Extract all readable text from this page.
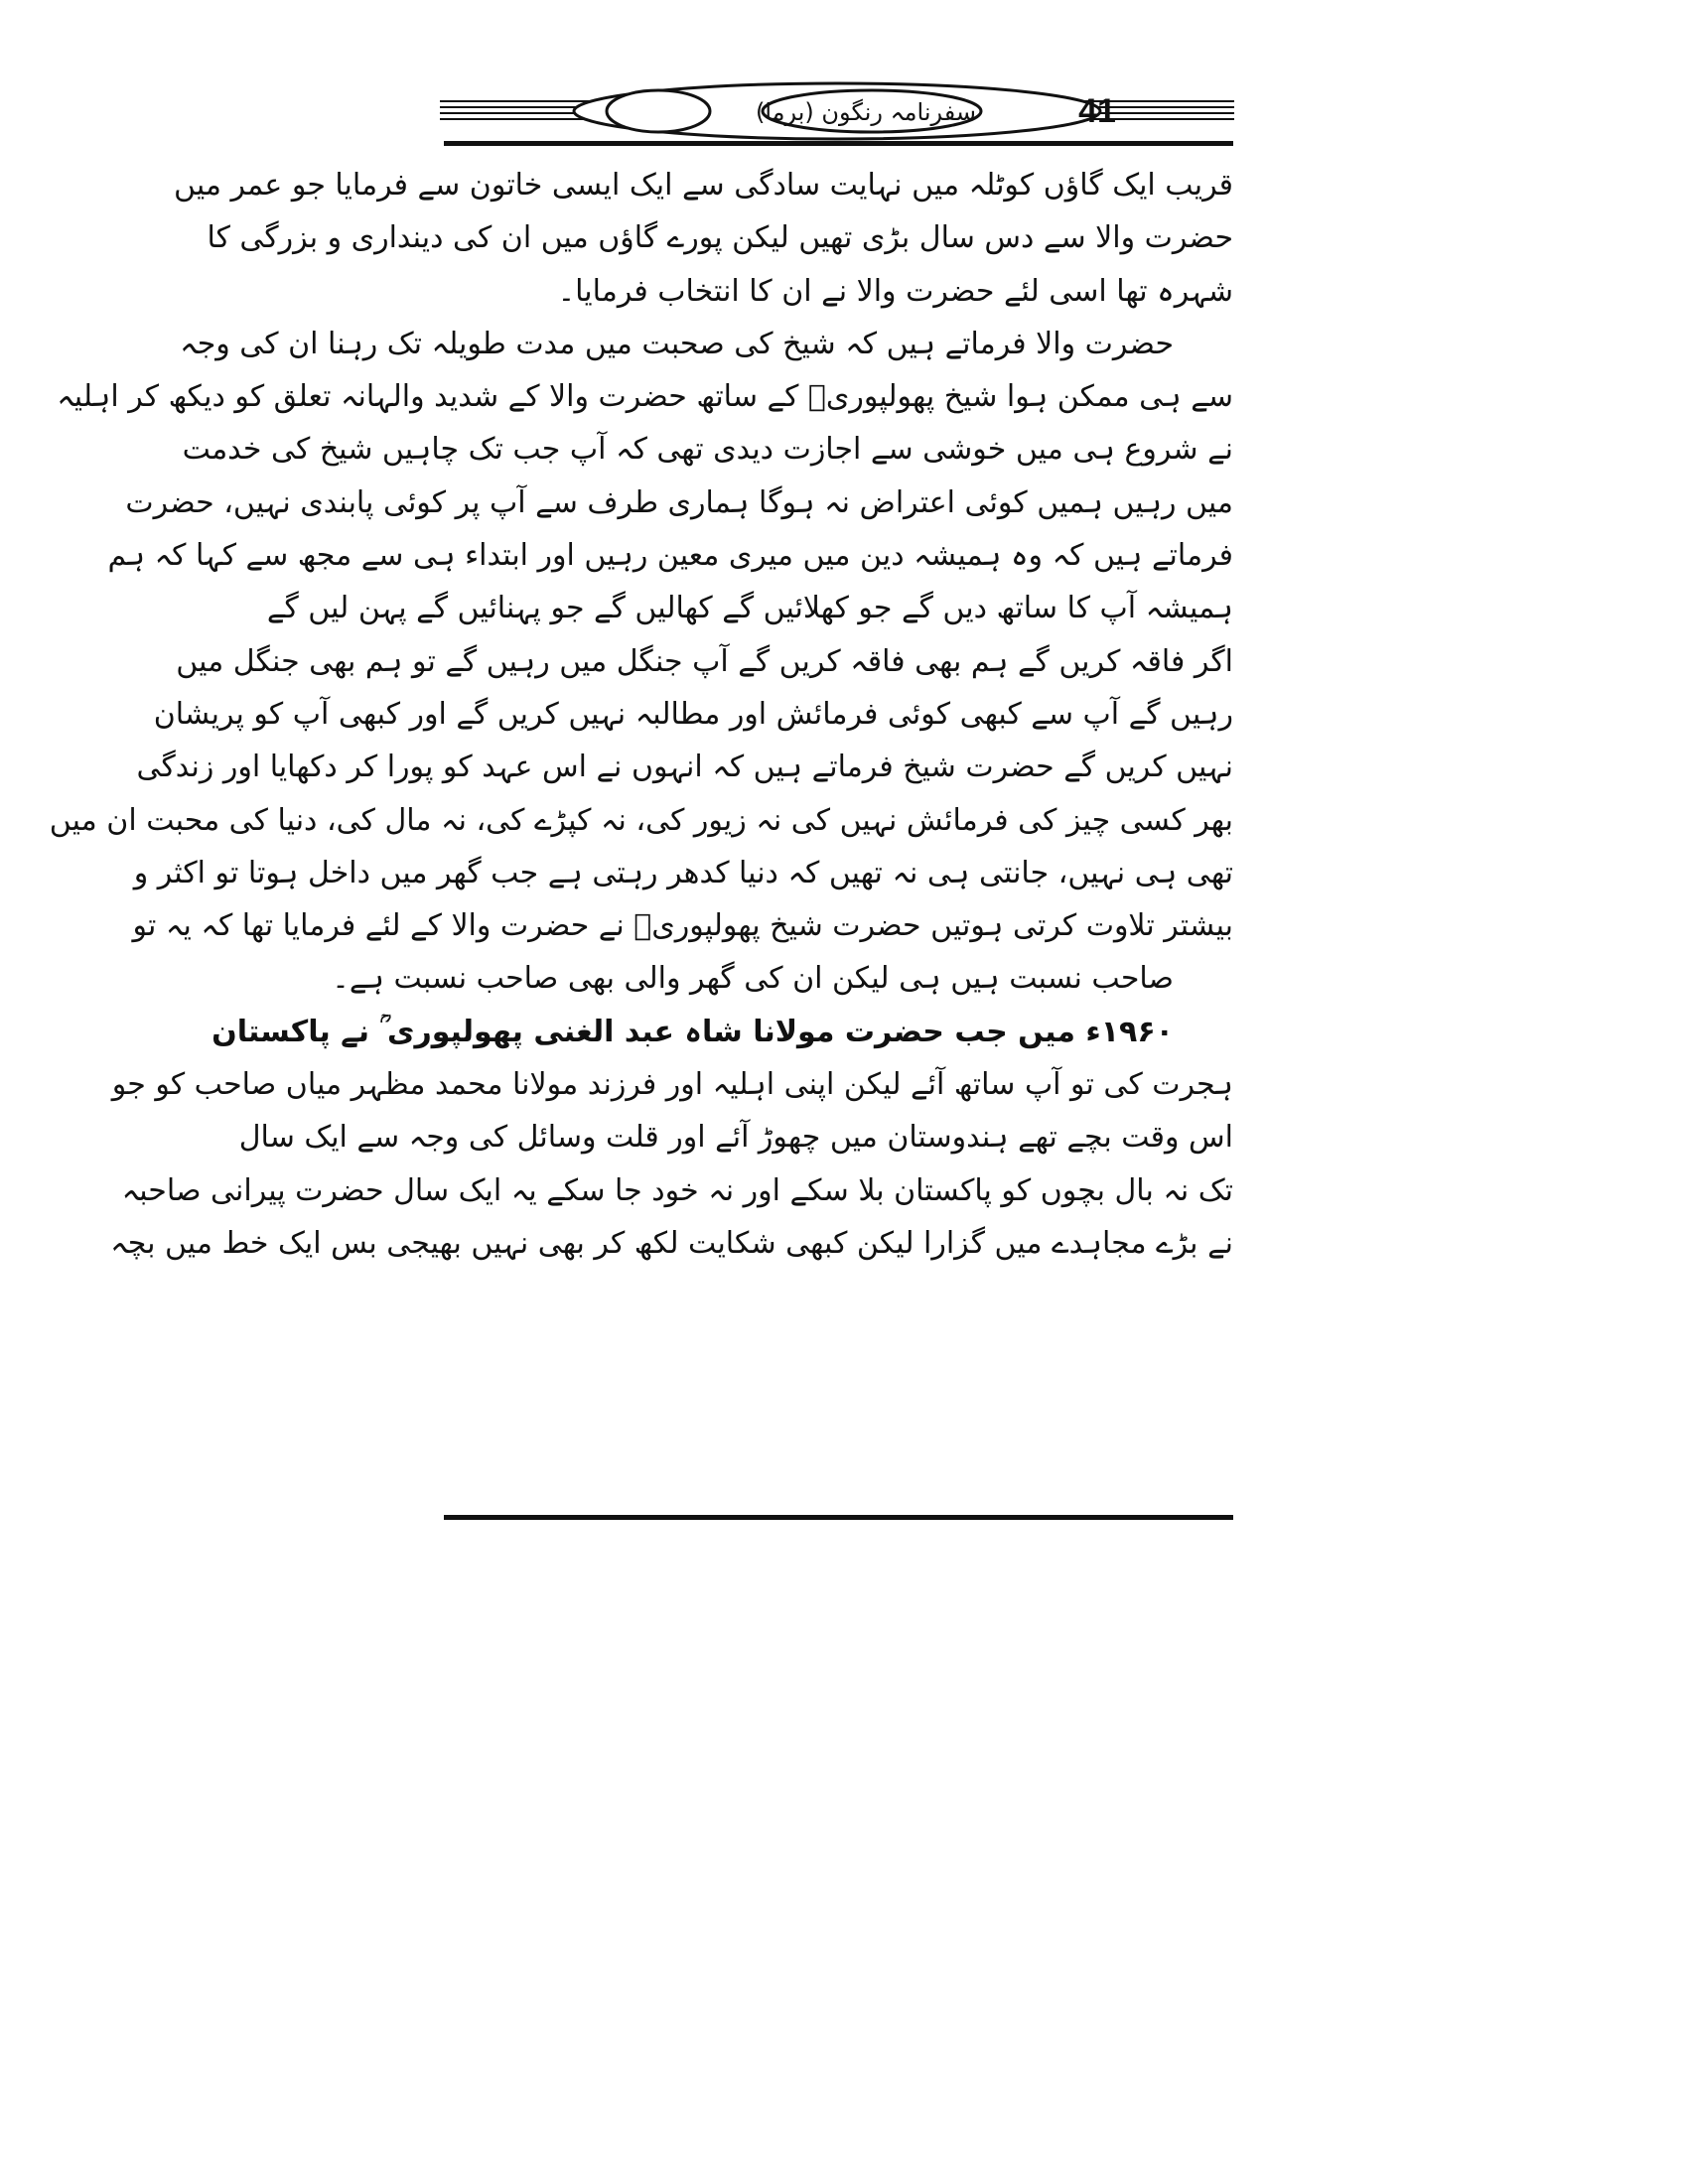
41
سفرنامہ رنگون (برما)
قریب ایک گاؤں کوٹلہ میں نہایت سادگی سے ایک ایسی خاتون سے فرمایا جو عمر میں
حضرت والا سے دس سال بڑی تھیں لیکن پورے گاؤں میں ان کی دینداری و بزرگی کا
شہرہ تھا اسی لئے حضرت والا نے ان کا انتخاب فرمایا۔
حضرت والا فرماتے ہیں کہ شیخ کی صحبت میں مدت طویلہ تک رہنا ان کی وجہ
سے ہی ممکن ہوا شیخ پھولپوریؒ کے ساتھ حضرت والا کے شدید والہانہ تعلق کو دیکھ کر اہلیہ
نے شروع ہی میں خوشی سے اجازت دیدی تھی کہ آپ جب تک چاہیں شیخ کی خدمت
میں رہیں ہمیں کوئی اعتراض نہ ہوگا ہماری طرف سے آپ پر کوئی پابندی نہیں، حضرت
فرماتے ہیں کہ وہ ہمیشہ دین میں میری معین رہیں اور ابتداء ہی سے مجھ سے کہا کہ ہم
ہمیشہ آپ کا ساتھ دیں گے جو کھلائیں گے کھالیں گے جو پہنائیں گے پہن لیں گے
اگر فاقہ کریں گے ہم بھی فاقہ کریں گے آپ جنگل میں رہیں گے تو ہم بھی جنگل میں
رہیں گے آپ سے کبھی کوئی فرمائش اور مطالبہ نہیں کریں گے اور کبھی آپ کو پریشان
نہیں کریں گے حضرت شیخ فرماتے ہیں کہ انہوں نے اس عہد کو پورا کر دکھایا اور زندگی
بھر کسی چیز کی فرمائش نہیں کی نہ زیور کی، نہ کپڑے کی، نہ مال کی، دنیا کی محبت ان میں
تھی ہی نہیں، جانتی ہی نہ تھیں کہ دنیا کدھر رہتی ہے جب گھر میں داخل ہوتا تو اکثر و
بیشتر تلاوت کرتی ہوتیں حضرت شیخ پھولپوریؒ نے حضرت والا کے لئے فرمایا تھا کہ یہ تو
صاحب نسبت ہیں ہی لیکن ان کی گھر والی بھی صاحب نسبت ہے۔
۱۹۶۰ء میں جب حضرت مولانا شاہ عبد الغنی پھولپوری ؒ نے پاکستان
ہجرت کی تو آپ ساتھ آئے لیکن اپنی اہلیہ اور فرزند مولانا محمد مظہر میاں صاحب کو جو
اس وقت بچے تھے ہندوستان میں چھوڑ آئے اور قلت وسائل کی وجہ سے ایک سال
تک نہ بال بچوں کو پاکستان بلا سکے اور نہ خود جا سکے یہ ایک سال حضرت پیرانی صاحبہ
نے بڑے مجاہدے میں گزارا لیکن کبھی شکایت لکھ کر بھی نہیں بھیجی بس ایک خط میں بچہ
